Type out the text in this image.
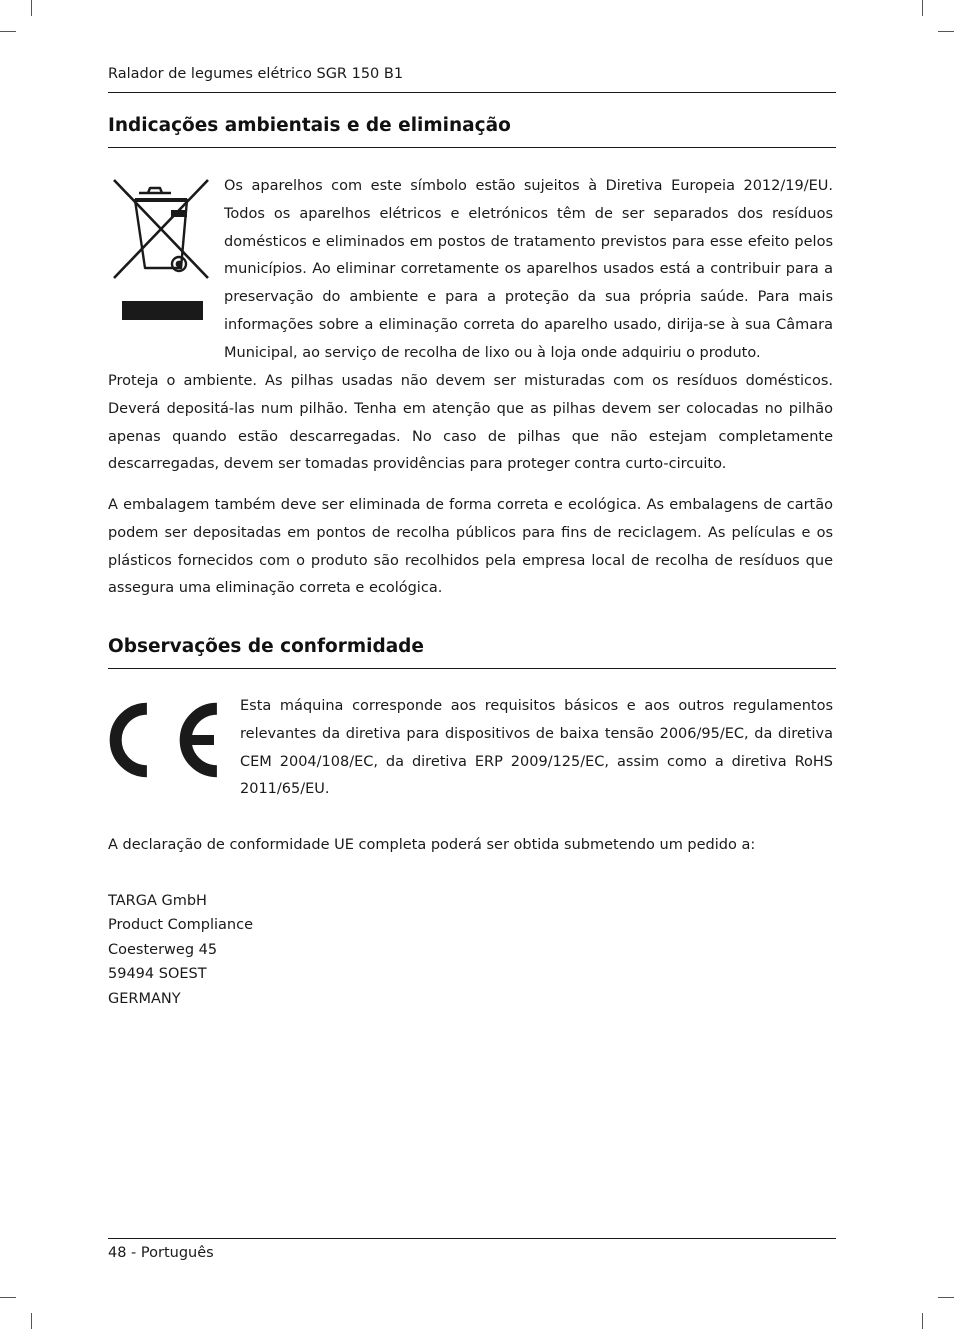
Ralador de legumes elétrico SGR 150 B1
Indicações ambientais e de eliminação

Os aparelhos com este símbolo estão sujeitos à Diretiva Europeia 2012/19/EU. Todos os aparelhos elétricos e eletrónicos têm de ser separados dos resíduos domésticos e eliminados em postos de tratamento previstos para esse efeito pelos municípios. Ao eliminar corretamente os aparelhos usados está a contribuir para a preservação do ambiente e para a proteção da sua própria saúde. Para mais informações sobre a eliminação correta do aparelho usado, dirija-se à sua Câmara Municipal, ao serviço de recolha de lixo ou à loja onde adquiriu o produto.

Proteja o ambiente. As pilhas usadas não devem ser misturadas com os resíduos domésticos. Deverá depositá-las num pilhão. Tenha em atenção que as pilhas devem ser colocadas no pilhão apenas quando estão descarregadas. No caso de pilhas que não estejam completamente descarregadas, devem ser tomadas providências para proteger contra curto-circuito.

A embalagem também deve ser eliminada de forma correta e ecológica. As embalagens de cartão podem ser depositadas em pontos de recolha públicos para fins de reciclagem. As películas e os plásticos fornecidos com o produto são recolhidos pela empresa local de recolha de resíduos que assegura uma eliminação correta e ecológica.

Observações de conformidade

Esta máquina corresponde aos requisitos básicos e aos outros regulamentos relevantes da diretiva para dispositivos de baixa tensão 2006/95/EC, da diretiva CEM 2004/108/EC, da diretiva ERP 2009/125/EC, assim como a diretiva RoHS 2011/65/EU.

A declaração de conformidade UE completa poderá ser obtida submetendo um pedido a:

TARGA GmbH
Product Compliance
Coesterweg 45
59494 SOEST
GERMANY
48 - Português
